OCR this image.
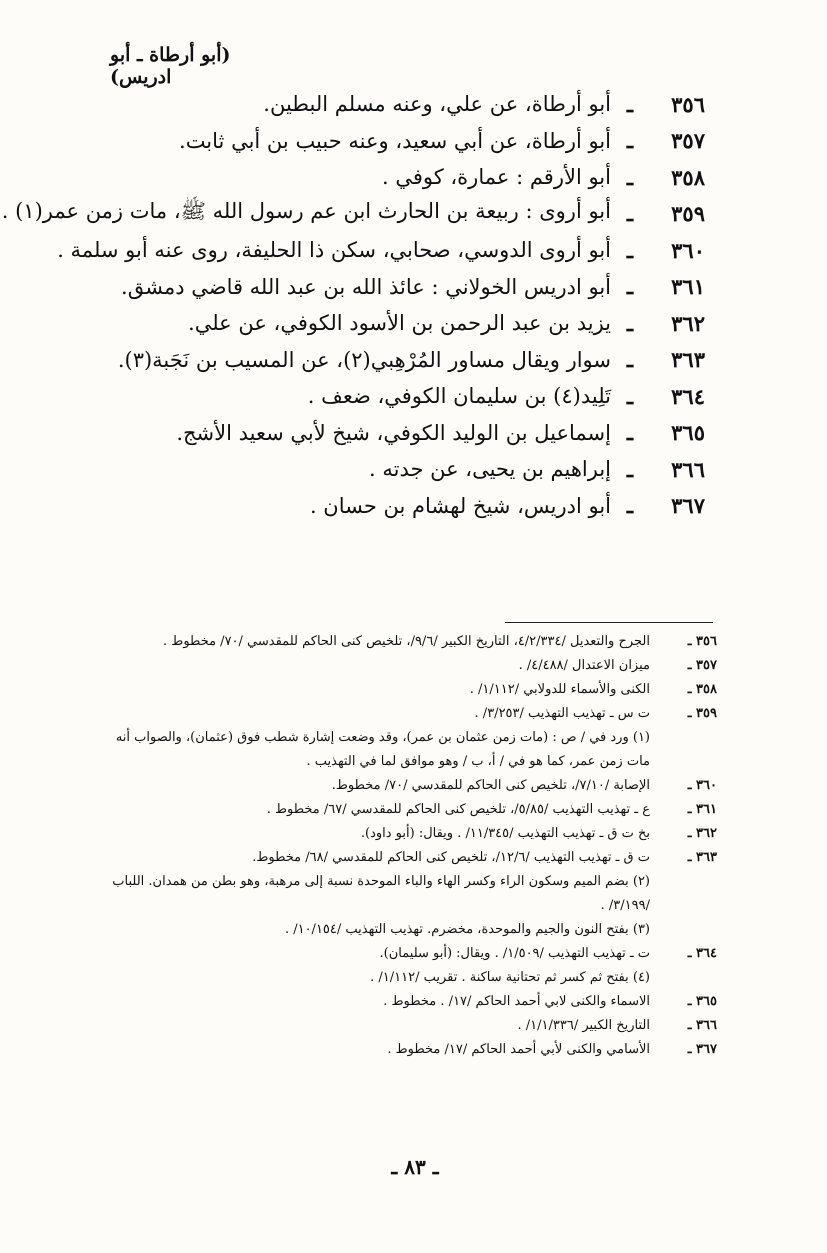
(أبو أرطاة ـ أبو ادريس)
٣٥٦
ـ
أبو أرطاة، عن علي، وعنه مسلم البطين.
٣٥٧
ـ
أبو أرطاة، عن أبي سعيد، وعنه حبيب بن أبي ثابت.
٣٥٨
ـ
أبو الأرقم : عمارة، كوفي .
٣٥٩
ـ
أبو أروى : ربيعة بن الحارث ابن عم رسول الله ﷺ، مات زمن عمر(١) .
٣٦٠
ـ
أبو أروى الدوسي، صحابي، سكن ذا الحليفة، روى عنه أبو سلمة .
٣٦١
ـ
أبو ادريس الخولاني : عائذ الله بن عبد الله قاضي دمشق.
٣٦٢
ـ
يزيد بن عبد الرحمن بن الأسود الكوفي، عن علي.
٣٦٣
ـ
سوار ويقال مساور المُرْهِبي(٢)، عن المسيب بن نَجَبة(٣).
٣٦٤
ـ
تَلِيد(٤) بن سليمان الكوفي، ضعف .
٣٦٥
ـ
إسماعيل بن الوليد الكوفي، شيخ لأبي سعيد الأشج.
٣٦٦
ـ
إبراهيم بن يحيى، عن جدته .
٣٦٧
ـ
أبو ادريس، شيخ لهشام بن حسان .
٣٥٦ ـ
الجرح والتعديل /٤/٢/٣٣٤، التاريخ الكبير /٩/٦/، تلخيص كنى الحاكم للمقدسي /٧٠/ مخطوط .
٣٥٧ ـ
ميزان الاعتدال /٤/٤٨٨/ .
٣٥٨ ـ
الكنى والأسماء للدولابي /١/١١٢/ .
٣٥٩ ـ
ت س ـ تهذيب التهذيب /٣/٢٥٣/ .
(١) ورد في / ص : (مات زمن عثمان بن عمر)، وقد وضعت إشارة شطب فوق (عثمان)، والصواب أنه مات زمن عمر، كما هو في / أ، ب / وهو موافق لما في التهذيب .
٣٦٠ ـ
الإصابة /٧/١٠/، تلخيص كنى الحاكم للمقدسي /٧٠/ مخطوط.
٣٦١ ـ
ع ـ تهذيب التهذيب /٥/٨٥/، تلخيص كنى الحاكم للمقدسي /٦٧/ مخطوط .
٣٦٢ ـ
بخ ت ق ـ تهذيب التهذيب /١١/٣٤٥/ . ويقال: (أبو داود).
٣٦٣ ـ
ت ق ـ تهذيب التهذيب /١٢/٦/، تلخيص كنى الحاكم للمقدسي /٦٨/ مخطوط.
(٢) بضم الميم وسكون الراء وكسر الهاء والباء الموحدة نسبة إلى مرهبة، وهو بطن من همدان. اللباب /٣/١٩٩/ .
(٣) بفتح النون والجيم والموحدة، مخضرم. تهذيب التهذيب /١٠/١٥٤/ .
٣٦٤ ـ
ت ـ تهذيب التهذيب /١/٥٠٩/ . ويقال: (أبو سليمان).
(٤) بفتح ثم كسر ثم تحتانية ساكنة . تقريب /١/١١٢/ .
٣٦٥ ـ
الاسماء والكنى لابي أحمد الحاكم /١٧/ . مخطوط .
٣٦٦ ـ
التاريخ الكبير /١/١/٣٣٦/ .
٣٦٧ ـ
الأسامي والكنى لأبي أحمد الحاكم /١٧/ مخطوط .
ـ ٨٣ ـ
